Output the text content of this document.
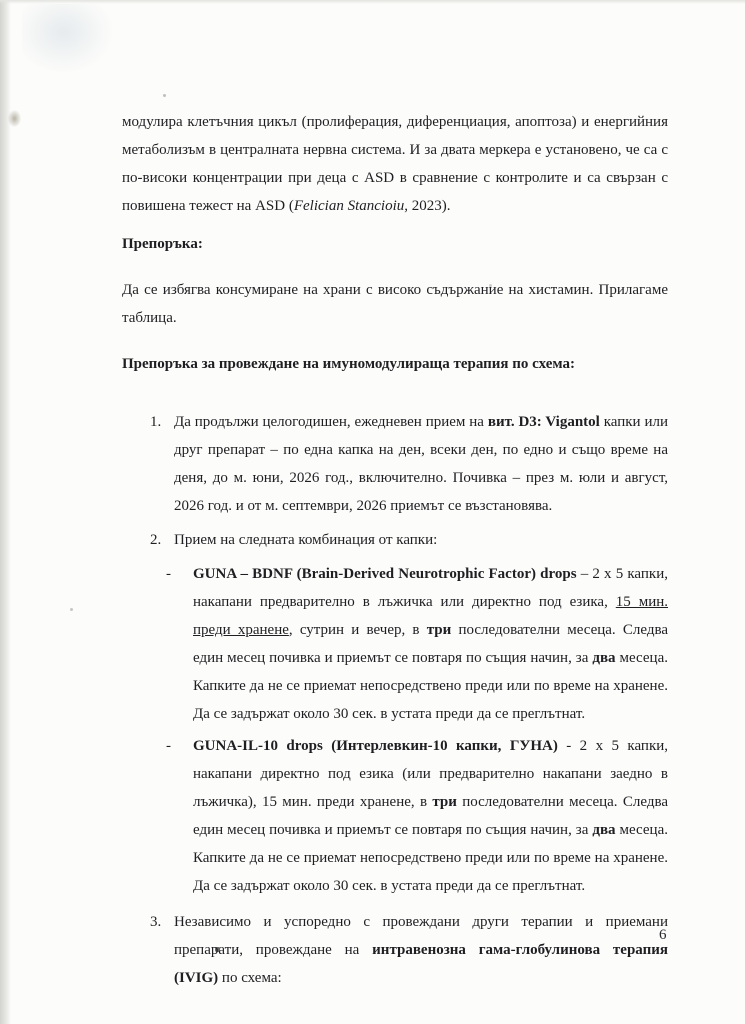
модулира клетъчния цикъл (пролиферация, диференциация, апоптоза) и енергийния метаболизъм в централната нервна система. И за двата меркера е установено, че са с по-високи концентрации при деца с ASD в сравнение с контролите и са свързан с повишена тежест на ASD (Felician Stancioiu, 2023).

Препоръка:

Да се избягва консумиране на храни с високо съдържание на хистамин. Прилагаме таблица.

Препоръка за провеждане на имуномодулираща терапия по схема:

1. Да продължи целогодишен, ежедневен прием на вит. D3: Vigantol капки или друг препарат – по една капка на ден, всеки ден, по едно и също време на деня, до м. юни, 2026 год., включително. Почивка – през м. юли и август, 2026 год. и от м. септември, 2026 приемът се възстановява.
2. Прием на следната комбинация от капки:
-	GUNA – BDNF (Brain-Derived Neurotrophic Factor) drops – 2 x 5 капки, накапани предварително в лъжичка или директно под езика, 15 мин. преди хранене, сутрин и вечер, в три последователни месеца. Следва един месец почивка и приемът се повтаря по същия начин, за два месеца. Капките да не се приемат непосредствено преди или по време на хранене. Да се задържат около 30 сек. в устата преди да се преглътнат.
-	GUNA-IL-10 drops (Интерлевкин-10 капки, ГУНА) - 2 x 5 капки, накапани директно под езика (или предварително накапани заедно в лъжичка), 15 мин. преди хранене, в три последователни месеца. Следва един месец почивка и приемът се повтаря по същия начин, за два месеца. Капките да не се приемат непосредствено преди или по време на хранене. Да се задържат около 30 сек. в устата преди да се преглътнат.
3. Независимо и успоредно с провеждани други терапии и приемани препарати, провеждане на интравенозна гама-глобулинова терапия (IVIG) по схема:
6
